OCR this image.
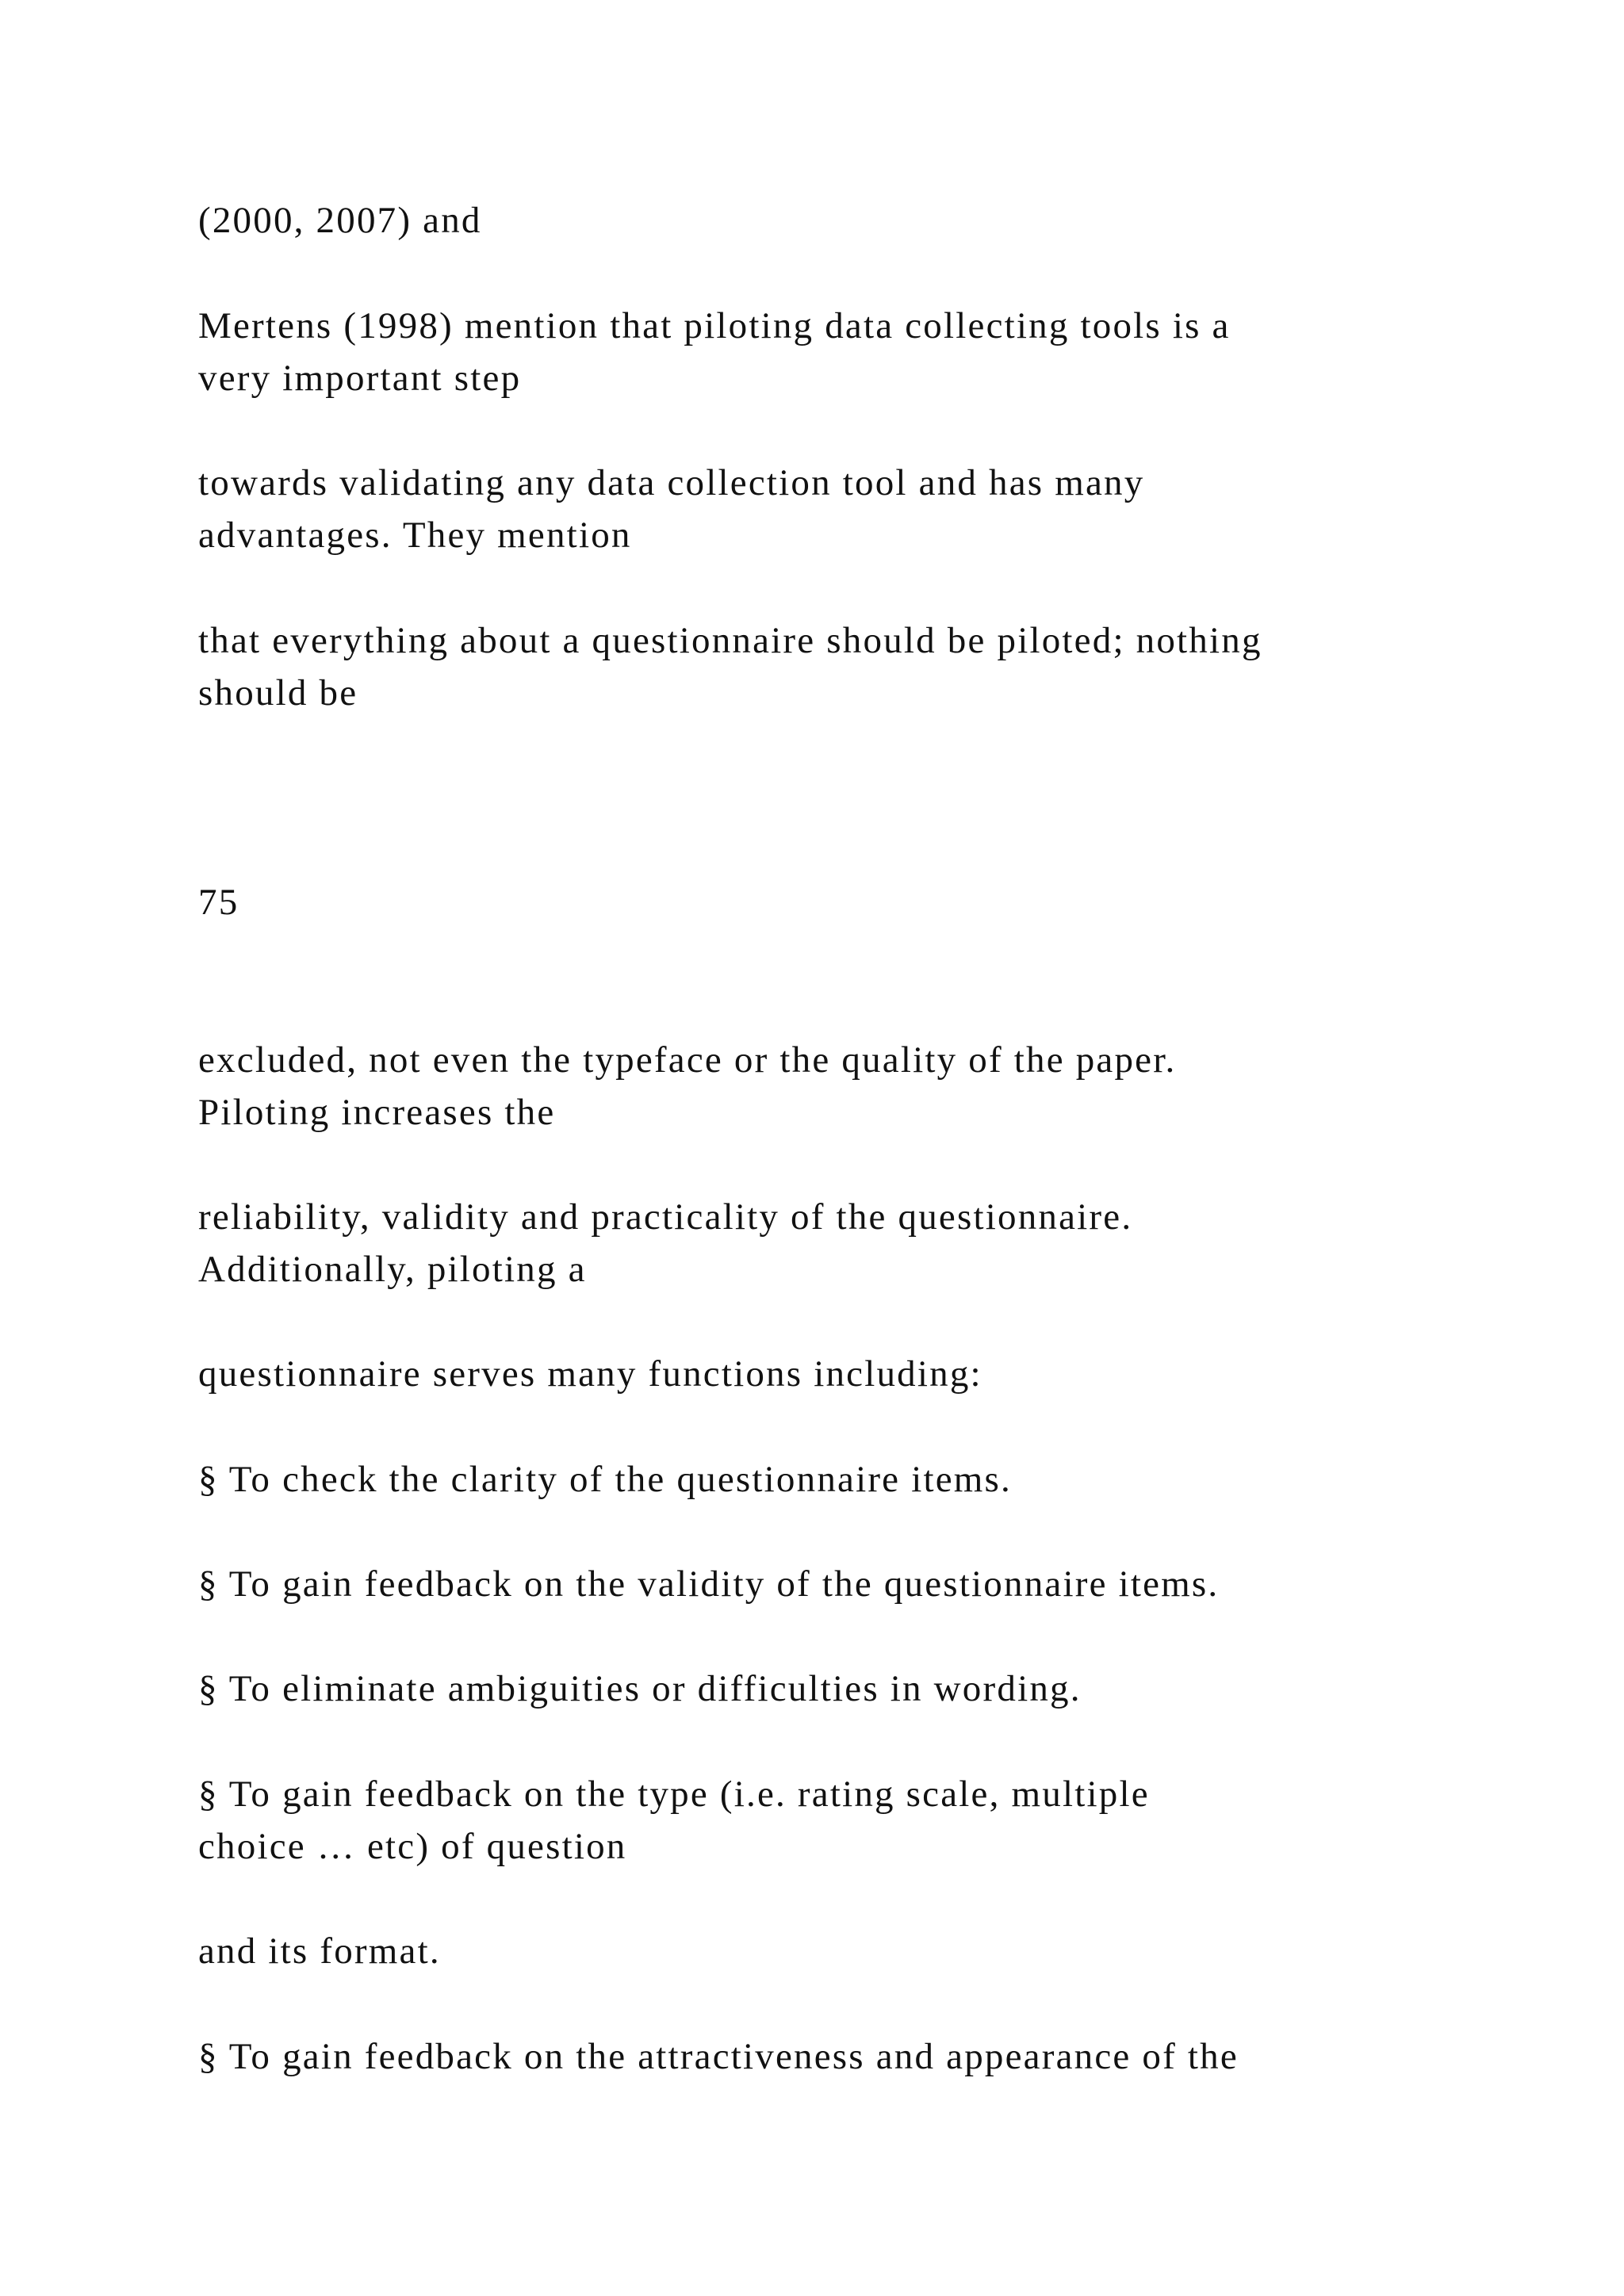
(2000, 2007) and

Mertens (1998) mention that piloting data collecting tools is a

very important step

towards validating any data collection tool and has many

advantages. They mention

that everything about a questionnaire should be piloted; nothing

should be

75

excluded, not even the typeface or the quality of the paper.

Piloting increases the

reliability, validity and practicality of the questionnaire.

Additionally, piloting a

questionnaire serves many functions including:

§ To check the clarity of the questionnaire items.

§ To gain feedback on the validity of the questionnaire items.

§ To eliminate ambiguities or difficulties in wording.

§ To gain feedback on the type (i.e. rating scale, multiple

choice … etc) of question

and its format.

§ To gain feedback on the attractiveness and appearance of the
